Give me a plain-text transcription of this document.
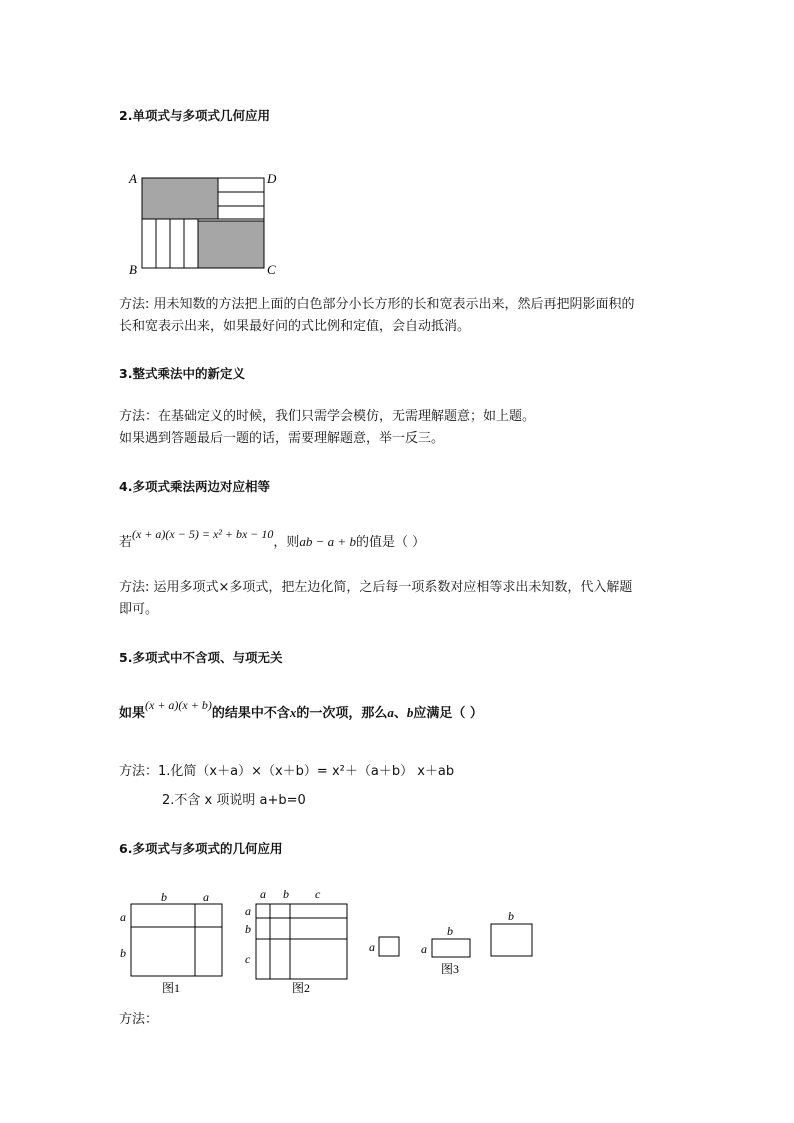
2.单项式与多项式几何应用
A	D
B	C
方法: 用未知数的方法把上面的白色部分小长方形的长和宽表示出来，然后再把阴影面积的
长和宽表示出来，如果最好问的式比例和定值，会自动抵消。
3.整式乘法中的新定义
方法：在基础定义的时候，我们只需学会模仿，无需理解题意；如上题。
如果遇到答题最后一题的话，需要理解题意，举一反三。
4.多项式乘法两边对应相等
若(x + a)(x − 5) = x² + bx − 10，则ab − a + b的值是（ ）
方法: 运用多项式×多项式，把左边化简，之后每一项系数对应相等求出未知数，代入解题
即可。
5.多项式中不含项、与项无关
如果(x + a)(x + b)的结果中不含x的一次项，那么a、b应满足（ ）
方法：1.化简（x＋a）×（x＋b）= x²＋（a＋b） x＋ab
2.不含 x 项说明 a+b=0
6.多项式与多项式的几何应用
b	a
a
b
图1
a b c
a
b
c
图2
a	a
b
b
图3
方法：
